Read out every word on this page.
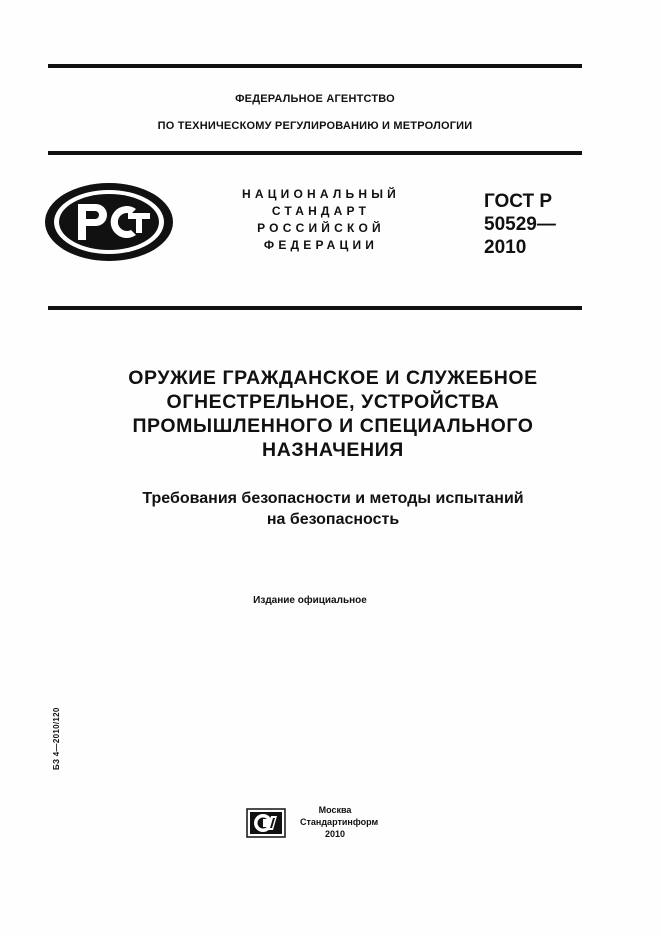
ФЕДЕРАЛЬНОЕ АГЕНТСТВО
ПО ТЕХНИЧЕСКОМУ РЕГУЛИРОВАНИЮ И МЕТРОЛОГИИ
НАЦИОНАЛЬНЫЙ
СТАНДАРТ
РОССИЙСКОЙ
ФЕДЕРАЦИИ
ГОСТ Р
50529—
2010
ОРУЖИЕ ГРАЖДАНСКОЕ И СЛУЖЕБНОЕ
ОГНЕСТРЕЛЬНОЕ, УСТРОЙСТВА
ПРОМЫШЛЕННОГО И СПЕЦИАЛЬНОГО
НАЗНАЧЕНИЯ
Требования безопасности и методы испытаний
на безопасность
Издание официальное
БЗ 4—2010/120
Москва
Стандартинформ
2010
